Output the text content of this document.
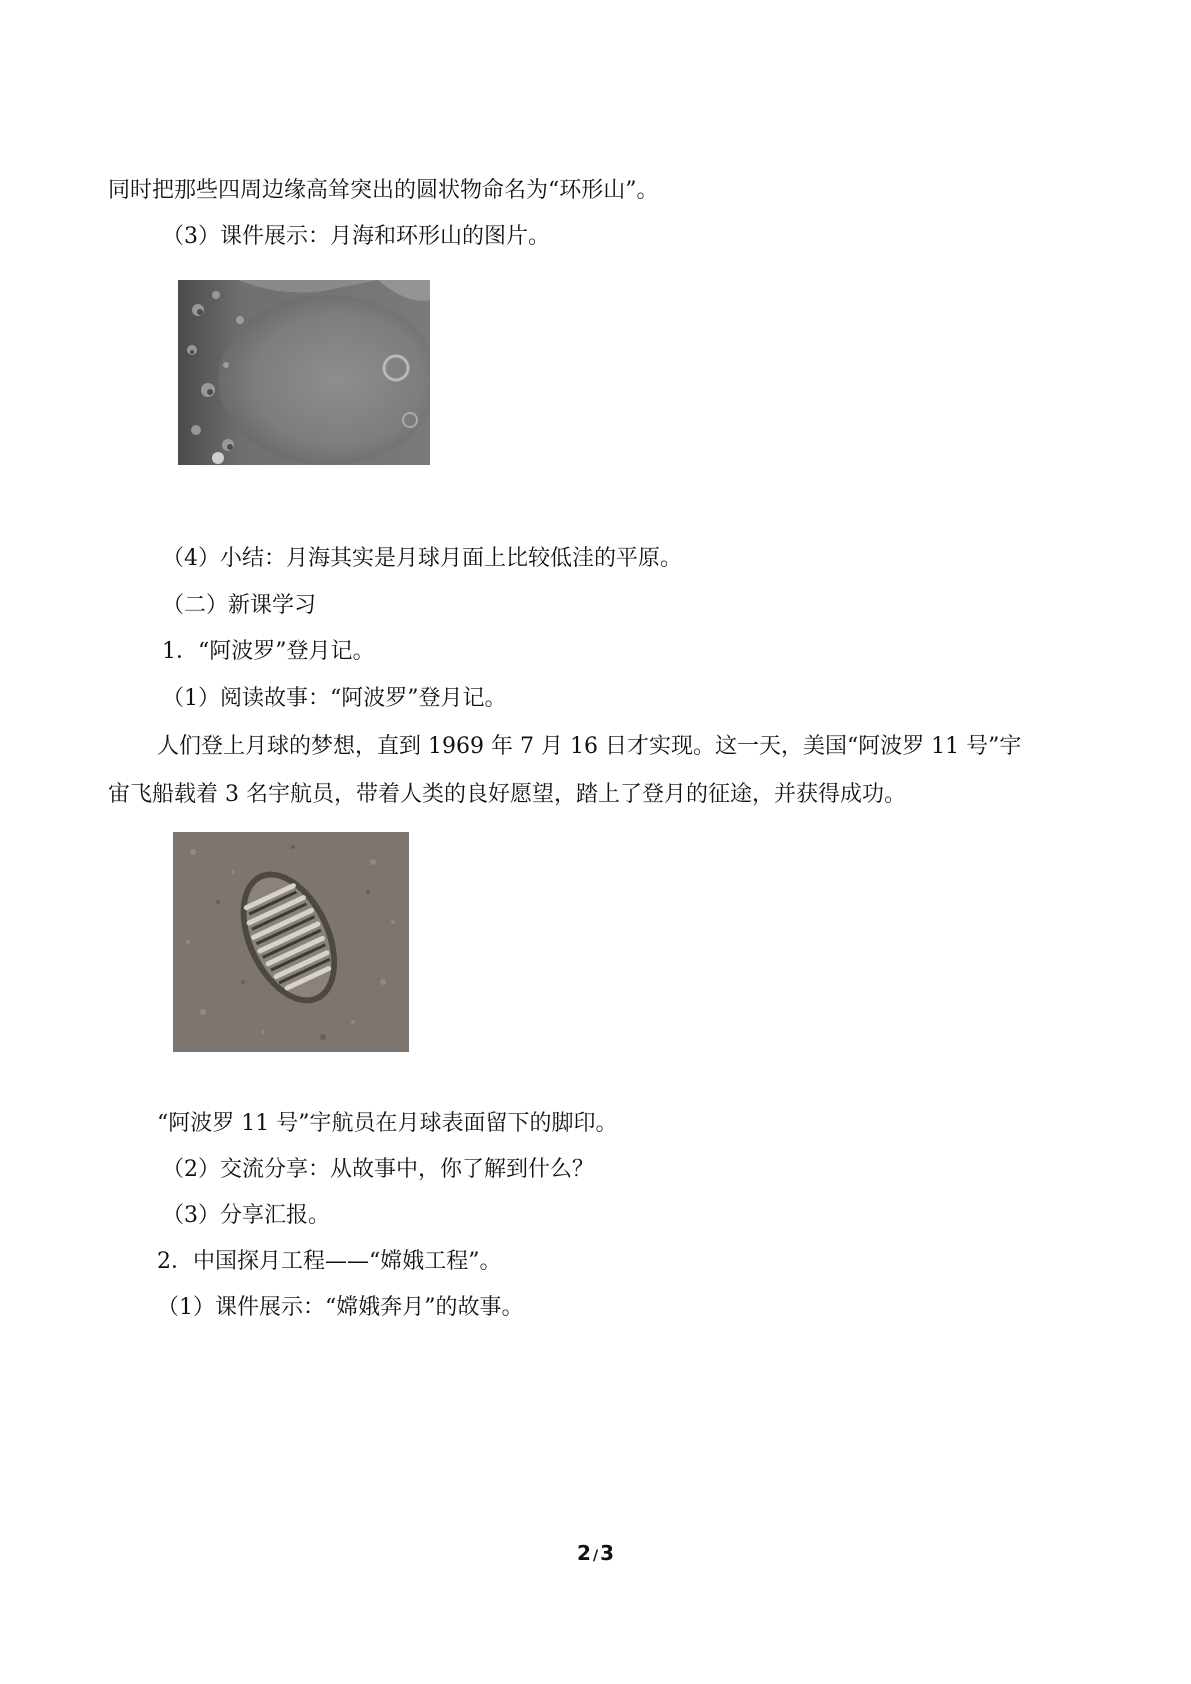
同时把那些四周边缘高耸突出的圆状物命名为“环形山”。
（3）课件展示：月海和环形山的图片。
（4）小结：月海其实是月球月面上比较低洼的平原。
（二）新课学习
1．“阿波罗”登月记。
（1）阅读故事：“阿波罗”登月记。
人们登上月球的梦想，直到 1969 年 7 月 16 日才实现。这一天，美国“阿波罗 11 号”宇
宙飞船载着 3 名宇航员，带着人类的良好愿望，踏上了登月的征途，并获得成功。
“阿波罗 11 号”宇航员在月球表面留下的脚印。
（2）交流分享：从故事中，你了解到什么？
（3）分享汇报。
2．中国探月工程——“嫦娥工程”。
（1）课件展示：“嫦娥奔月”的故事。
2 / 3
